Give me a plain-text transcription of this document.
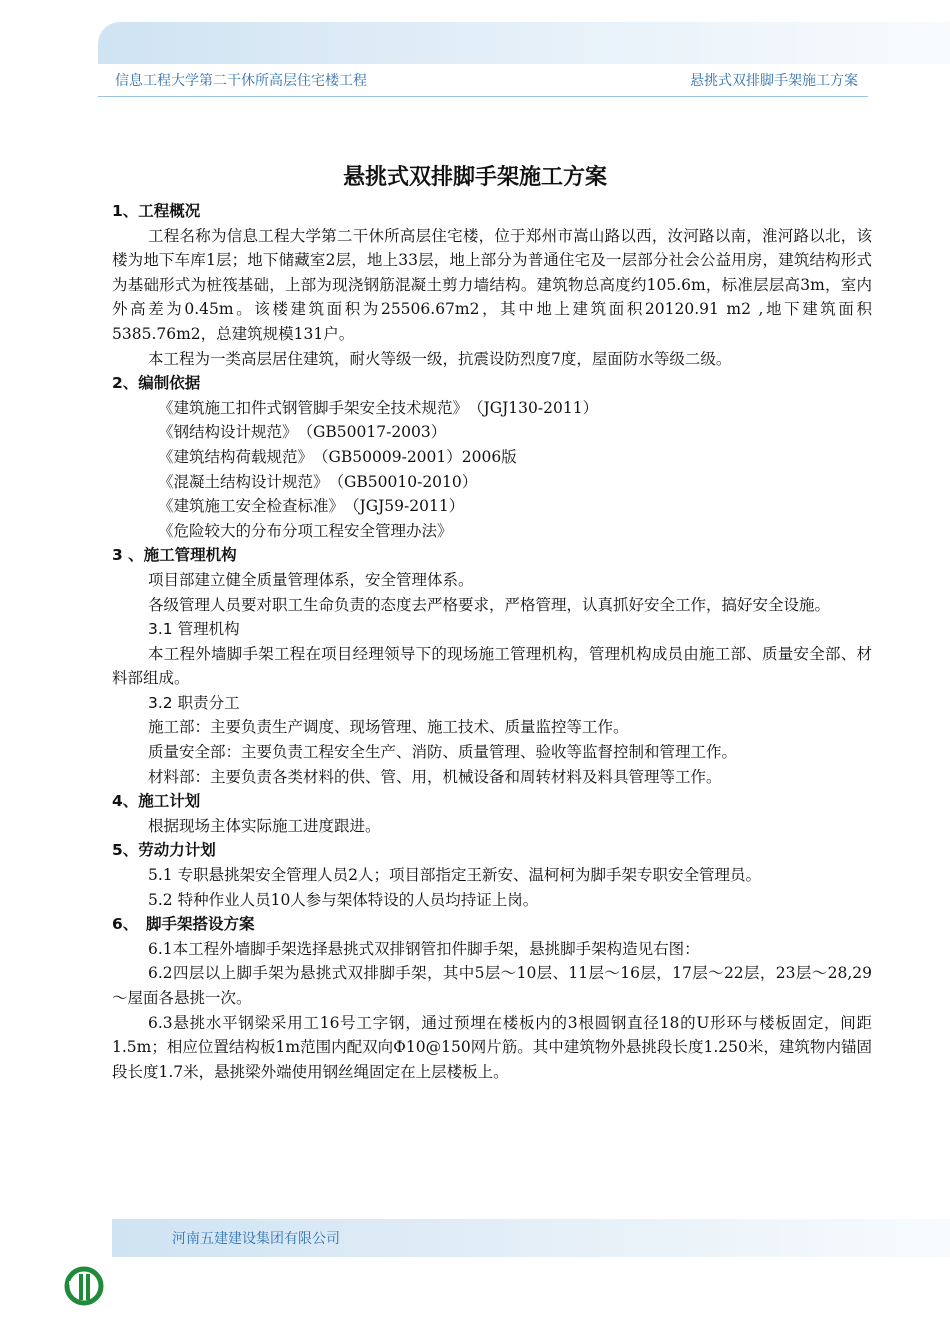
信息工程大学第二干休所高层住宅楼工程	悬挑式双排脚手架施工方案
悬挑式双排脚手架施工方案

1、工程概况

工程名称为信息工程大学第二干休所高层住宅楼，位于郑州市嵩山路以西，汝河路以南，淮河路以北，该楼为地下车库1层；地下储藏室2层，地上33层，地上部分为普通住宅及一层部分社会公益用房，建筑结构形式为基础形式为桩筏基础，上部为现浇钢筋混凝土剪力墙结构。建筑物总高度约105.6m，标准层层高3m，室内外高差为0.45m。该楼建筑面积为25506.67m2，其中地上建筑面积20120.91 m2 ,地下建筑面积5385.76m2，总建筑规模131户。

本工程为一类高层居住建筑，耐火等级一级，抗震设防烈度7度，屋面防水等级二级。

2、编制依据

《建筑施工扣件式钢管脚手架安全技术规范》　（JGJ130-2011）

《钢结构设计规范》　（GB50017-2003）

《建筑结构荷载规范》　（GB50009-2001）2006版

《混凝土结构设计规范》　（GB50010-2010）

《建筑施工安全检查标准》　（JGJ59-2011）

《危险较大的分布分项工程安全管理办法》

3 、施工管理机构

项目部建立健全质量管理体系，安全管理体系。

各级管理人员要对职工生命负责的态度去严格要求，严格管理，认真抓好安全工作，搞好安全设施。

3.1 管理机构

本工程外墙脚手架工程在项目经理领导下的现场施工管理机构，管理机构成员由施工部、质量安全部、材料部组成。

3.2 职责分工

施工部：主要负责生产调度、现场管理、施工技术、质量监控等工作。

质量安全部：主要负责工程安全生产、消防、质量管理、验收等监督控制和管理工作。

材料部：主要负责各类材料的供、管、用，机械设备和周转材料及料具管理等工作。

4、施工计划

根据现场主体实际施工进度跟进。

5、劳动力计划

5.1 专职悬挑架安全管理人员2人；项目部指定王新安、温柯柯为脚手架专职安全管理员。

5.2 特种作业人员10人参与架体特设的人员均持证上岗。

6、　脚手架搭设方案

6.1本工程外墙脚手架选择悬挑式双排钢管扣件脚手架，悬挑脚手架构造见右图：

6.2四层以上脚手架为悬挑式双排脚手架，其中5层～10层、11层～16层，17层～22层，23层～28,29～屋面各悬挑一次。

6.3悬挑水平钢梁采用工16号工字钢，通过预埋在楼板内的3根圆钢直径18的U形环与楼板固定，间距1.5m；相应位置结构板1m范围内配双向Φ10@150网片筋。其中建筑物外悬挑段长度1.250米，建筑物内锚固段长度1.7米，悬挑梁外端使用钢丝绳固定在上层楼板上。

河南五建建设集团有限公司
